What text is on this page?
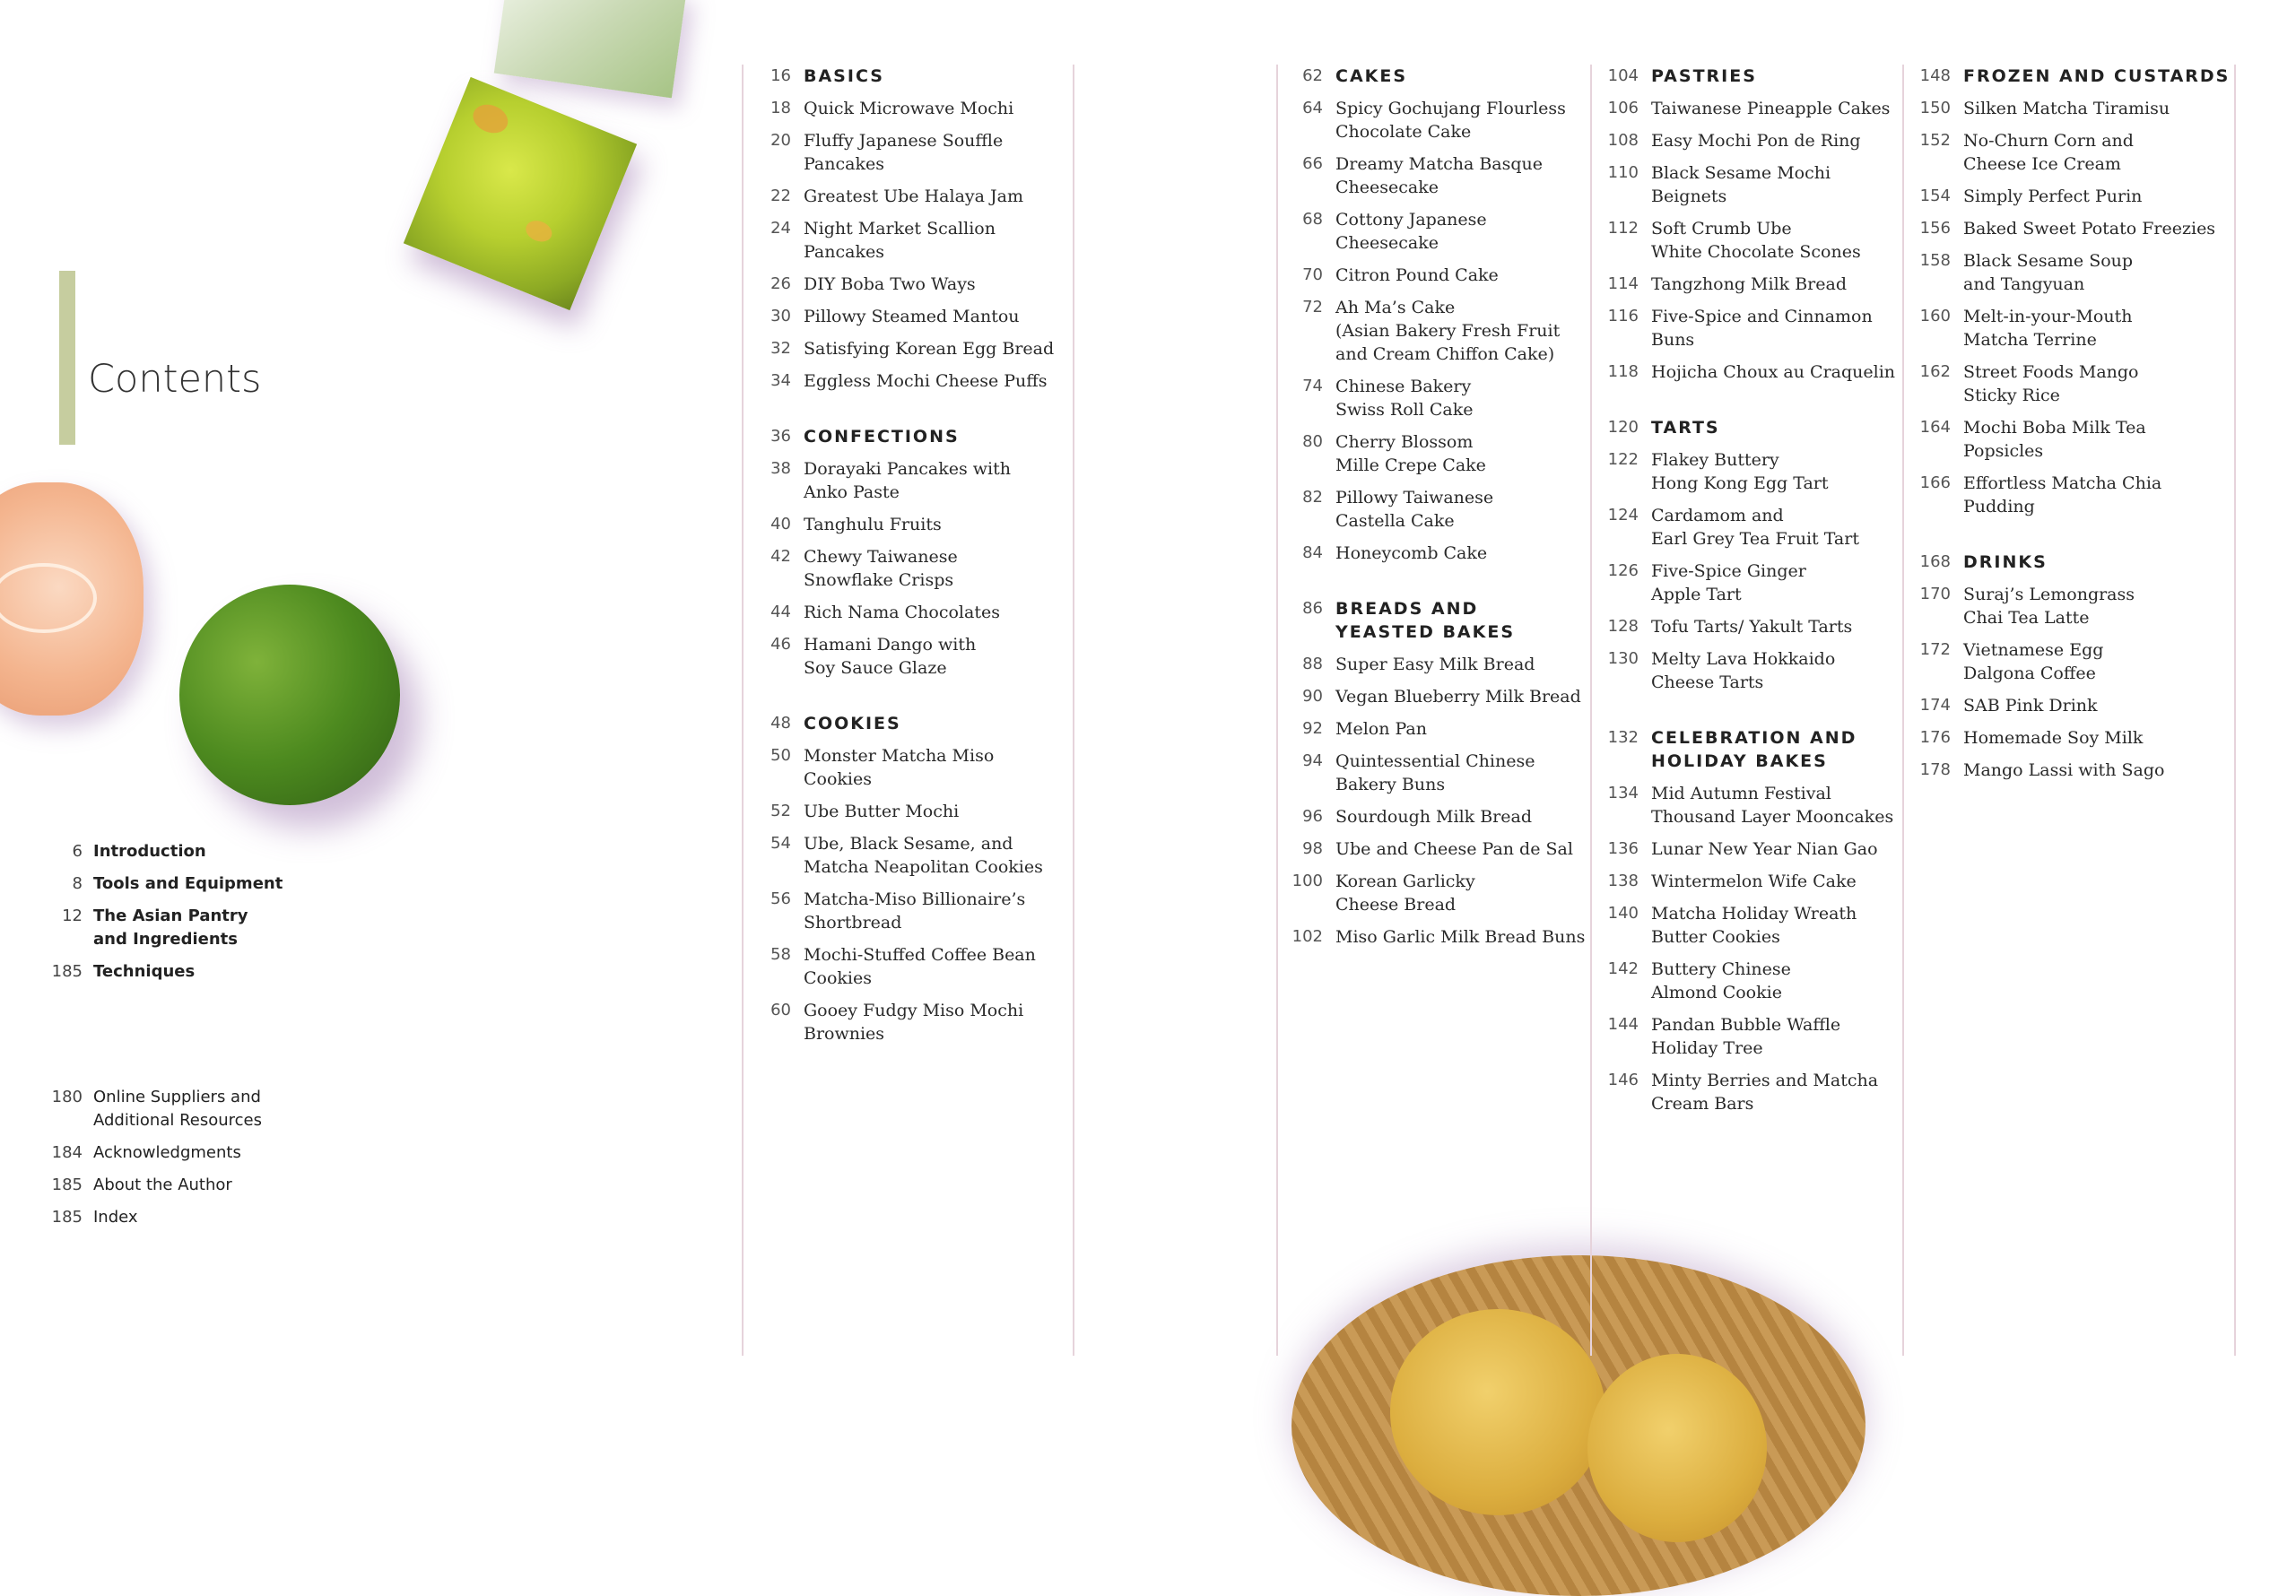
Contents
6 Introduction
8 Tools and Equipment
12 The Asian Pantry
and Ingredients
185 Techniques
180 Online Suppliers and
Additional Resources
184 Acknowledgments
185 About the Author
185 Index
16 BASICS
18 Quick Microwave Mochi
20 Fluffy Japanese Souffle
Pancakes
22 Greatest Ube Halaya Jam
24 Night Market Scallion
Pancakes
26 DIY Boba Two Ways
30 Pillowy Steamed Mantou
32 Satisfying Korean Egg Bread
34 Eggless Mochi Cheese Puffs
36 CONFECTIONS
38 Dorayaki Pancakes with
Anko Paste
40 Tanghulu Fruits
42 Chewy Taiwanese
Snowflake Crisps
44 Rich Nama Chocolates
46 Hamani Dango with
Soy Sauce Glaze
48 COOKIES
50 Monster Matcha Miso Cookies
52 Ube Butter Mochi
54 Ube, Black Sesame, and
Matcha Neapolitan Cookies
56 Matcha-Miso Billionaire’s
Shortbread
58 Mochi-Stuffed Coffee Bean
Cookies
60 Gooey Fudgy Miso Mochi
Brownies
62 CAKES
64 Spicy Gochujang Flourless
Chocolate Cake
66 Dreamy Matcha Basque
Cheesecake
68 Cottony Japanese
Cheesecake
70 Citron Pound Cake
72 Ah Ma’s Cake
(Asian Bakery Fresh Fruit
and Cream Chiffon Cake)
74 Chinese Bakery
Swiss Roll Cake
80 Cherry Blossom
Mille Crepe Cake
82 Pillowy Taiwanese
Castella Cake
84 Honeycomb Cake
86 BREADS AND
YEASTED BAKES
88 Super Easy Milk Bread
90 Vegan Blueberry Milk Bread
92 Melon Pan
94 Quintessential Chinese
Bakery Buns
96 Sourdough Milk Bread
98 Ube and Cheese Pan de Sal
100 Korean Garlicky
Cheese Bread
102 Miso Garlic Milk Bread Buns
104 PASTRIES
106 Taiwanese Pineapple Cakes
108 Easy Mochi Pon de Ring
110 Black Sesame Mochi Beignets
112 Soft Crumb Ube
White Chocolate Scones
114 Tangzhong Milk Bread
116 Five-Spice and Cinnamon
Buns
118 Hojicha Choux au Craquelin
120 TARTS
122 Flakey Buttery
Hong Kong Egg Tart
124 Cardamom and
Earl Grey Tea Fruit Tart
126 Five-Spice Ginger
Apple Tart
128 Tofu Tarts/ Yakult Tarts
130 Melty Lava Hokkaido
Cheese Tarts
132 CELEBRATION AND
HOLIDAY BAKES
134 Mid Autumn Festival
Thousand Layer Mooncakes
136 Lunar New Year Nian Gao
138 Wintermelon Wife Cake
140 Matcha Holiday Wreath
Butter Cookies
142 Buttery Chinese
Almond Cookie
144 Pandan Bubble Waffle
Holiday Tree
146 Minty Berries and Matcha
Cream Bars
148 FROZEN AND CUSTARDS
150 Silken Matcha Tiramisu
152 No-Churn Corn and
Cheese Ice Cream
154 Simply Perfect Purin
156 Baked Sweet Potato Freezies
158 Black Sesame Soup
and Tangyuan
160 Melt-in-your-Mouth
Matcha Terrine
162 Street Foods Mango
Sticky Rice
164 Mochi Boba Milk Tea
Popsicles
166 Effortless Matcha Chia
Pudding
168 DRINKS
170 Suraj’s Lemongrass
Chai Tea Latte
172 Vietnamese Egg
Dalgona Coffee
174 SAB Pink Drink
176 Homemade Soy Milk
178 Mango Lassi with Sago
